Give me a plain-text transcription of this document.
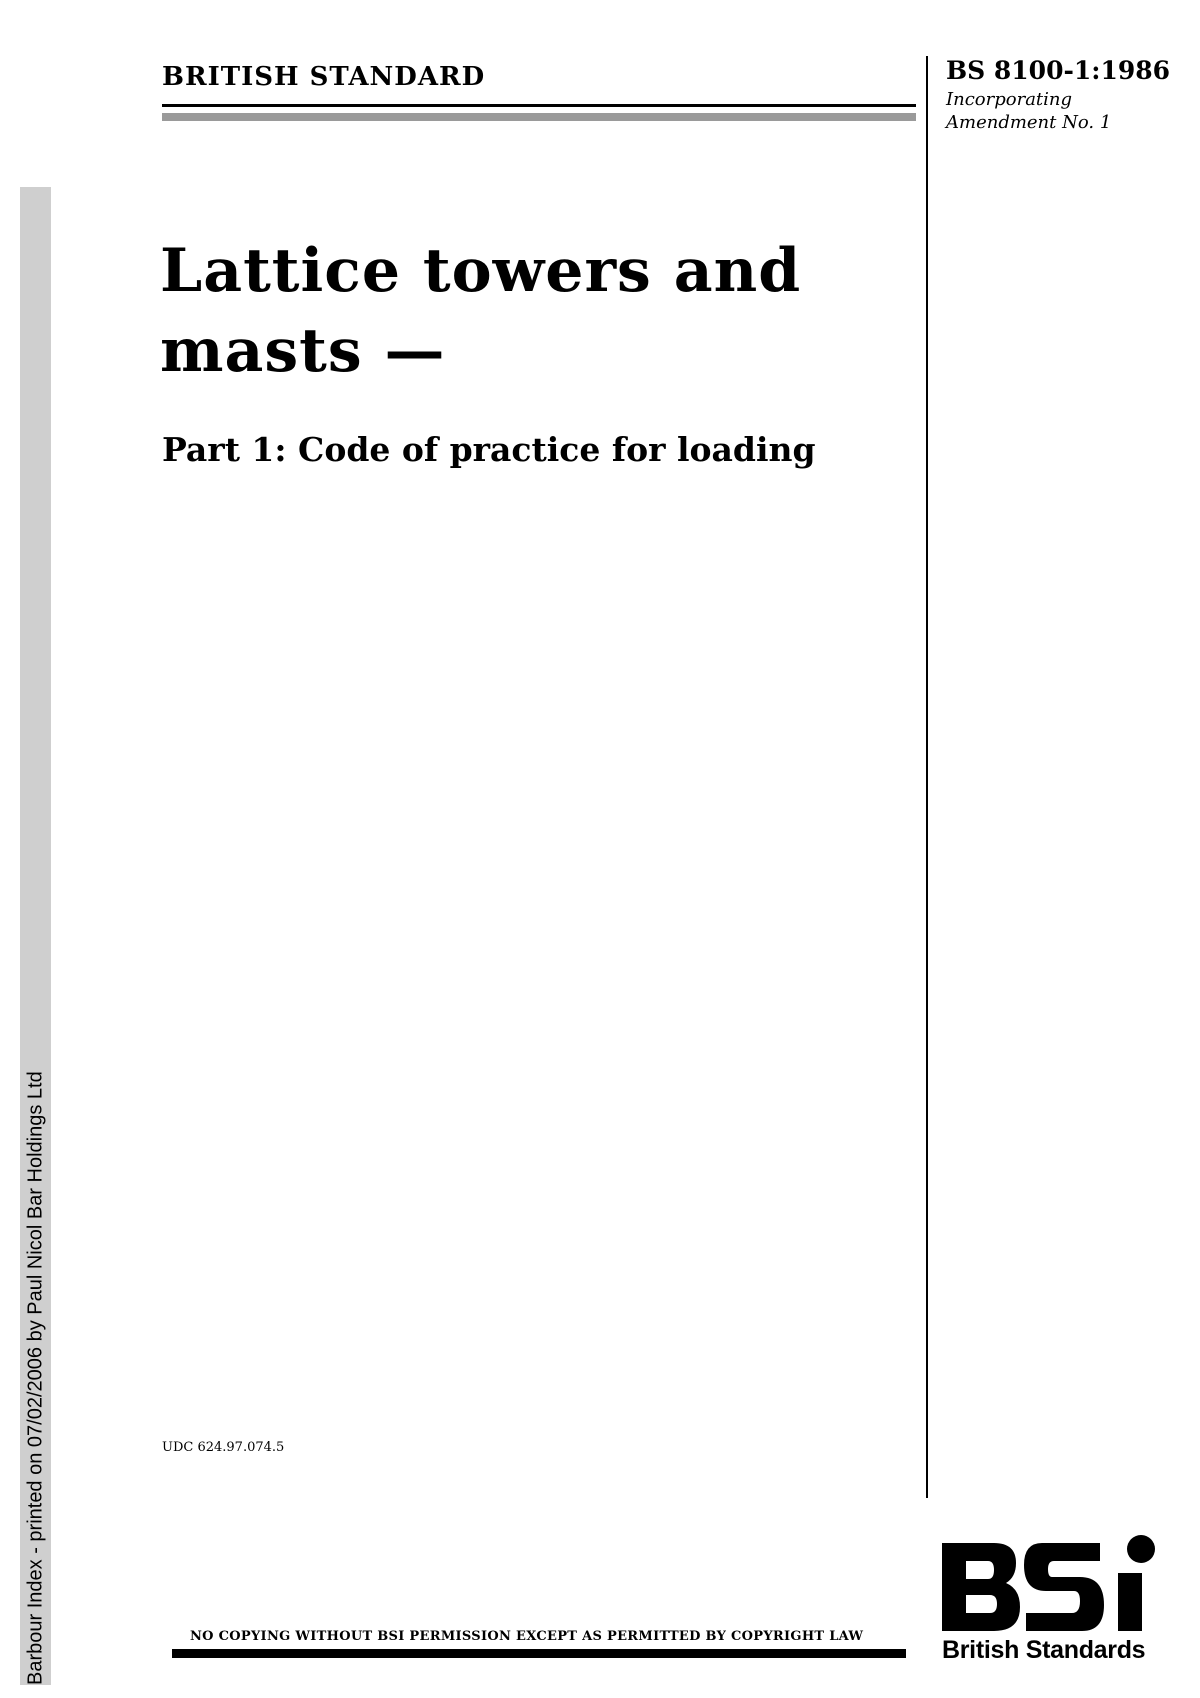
Barbour Index - printed on 07/02/2006 by Paul Nicol Bar Holdings Ltd
BRITISH STANDARD	BS 8100-1:1986
Incorporating
Amendment No. 1
Lattice towers and
masts —
Part 1: Code of practice for loading
UDC 624.97.074.5
NO COPYING WITHOUT BSI PERMISSION EXCEPT AS PERMITTED BY COPYRIGHT LAW	British Standards
